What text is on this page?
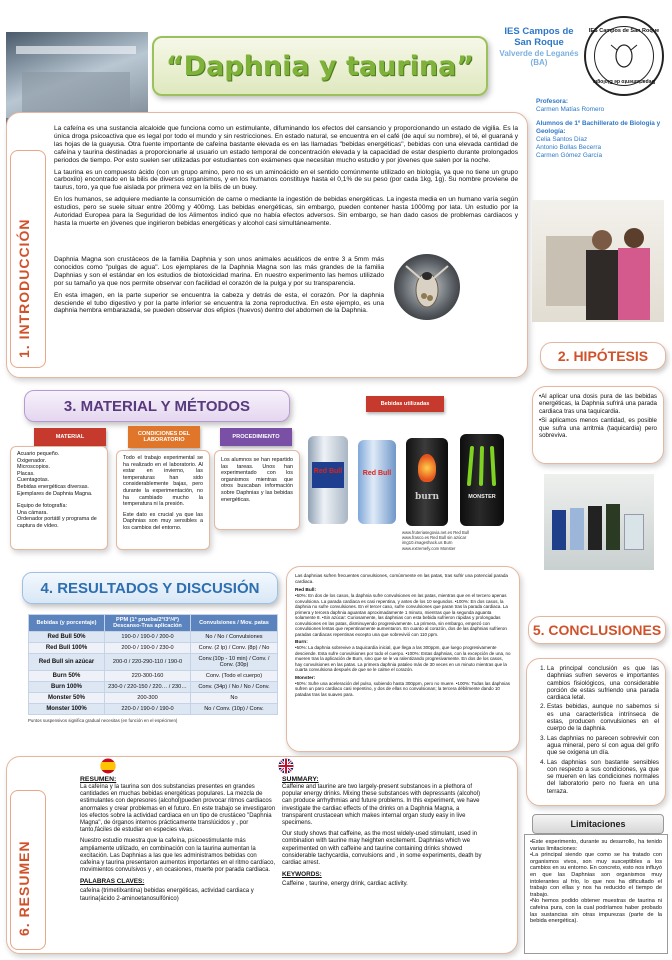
“Daphnia y taurina”
IES Campos de
San Roque
Valverde de Leganés
(BA)
IES Campos de San Roque
Departamento de Biología
Profesora:
Carmen Matías Romero
Alumnos de 1º Bachillerato de Biología y Geología:
Celia Santos Díaz
Antonio Bollas Becerra
Carmen Gómez García
1. INTRODUCCIÓN

La cafeína es una sustancia alcaloide que funciona como un estimulante, difuminando los efectos del cansancio y proporcionando un estado de vigilia. Es la única droga psicoactiva que es legal por todo el mundo y sin restricciones. En estado natural, se encuentra en el café (de aquí su nombre), el té, el guaraná y las hojas de la guayusa. Otra fuente importante de cafeína bastante elevada es en las llamadas "bebidas energéticas", bebidas con una elevada cantidad de cafeína y taurina destinadas a proporcionarle al usuario un estado temporal de concentración elevada y la capacidad de estar despierto durante prolongados periodos de tiempo. Por esto suelen ser utilizadas por estudiantes con exámenes que necesitan mucho estudio y por jóvenes que salen por la noche.

La taurina es un compuesto ácido (con un grupo amino, pero no es un aminoácido en el sentido comúnmente utilizado en biología, ya que no tiene un grupo carboxilo) encontrado en la bilis de diversos organismos, y en los humanos constituye hasta el 0,1% de su peso (por cada 1kg, 1g). Su nombre proviene de taurus, toro, ya que fue aislada por primera vez en la bilis de un buey.

En los humanos, se adquiere mediante la consumición de carne o mediante la ingestión de bebidas energéticas. La ingesta media en un humano varía según estudios, pero se suele situar entre 200mg y 400mg. Las bebidas energéticas, sin embargo, pueden contener hasta 1000mg por lata. Un estudio por la Autoridad Europea para la Seguridad de los Alimentos indicó que no había efectos adversos. Sin embargo, se han dado casos de problemas cardiacos y hasta la muerte en jóvenes que ingirieron bebidas energéticas y alcohol casi simultáneamente.

Daphnia Magna son crustáceos de la familia Daphnia y son unos animales acuáticos de entre 3 a 5mm más conocidos como "pulgas de agua". Los ejemplares de la Daphnia Magna son las más grandes de la familia Daphnias y son el estándar en los estudios de biotoxicidad marina. En nuestro experimento las hemos utilizado por su tamaño ya que nos permite observar con facilidad el corazón de la pulga y por su transparencia.

En esta imagen, en la parte superior se encuentra la cabeza y detrás de esta, el corazón. Por la daphnia desciende el tubo digestivo y por la parte inferior se encuentra la zona reproductiva. En este ejemplo, es una daphnia hembra embarazada, se pueden observar dos efipios (huevos) dentro del abdomen de la Daphnia.

2. HIPÓTESIS
•Al aplicar una dosis pura de las bebidas energéticas, la Daphnia sufrirá una parada cardiaca tras una taquicardia.
•Si aplicamos menos cantidad, es posible que sufra una arritmia (taquicardia) pero sobreviva.
3. MATERIAL Y MÉTODOS
MATERIAL	CONDICIONES DEL LABORATORIO	PROCEDIMIENTO
Acuario pequeño.
Oxigenador.
Microscopios.
Placas.
Cuentagotas.
Bebidas energéticas diversas.
Ejemplares de Daphnia Magna.
Equipo de fotografía:
Una cámara.
Ordenador portátil y programa de captura de vídeo.
Todo el trabajo experimental se ha realizado en el laboratorio. Al estar en invierno, las temperaturas han sido considerablemente bajas, pero durante la experimentación, no ha cambiado mucho la temperatura ni la presión.
Este dato es crucial ya que las Daphnias son muy sensibles a los cambios del entorno.
Los alumnos se han repartido las tareas. Unos han experimentado con los organismos mientras que otros buscaban información sobre Daphnias y las bebidas energéticas.
Bebidas utilizadas
Red Bull	Red Bull
burn	MONSTER
www.fruteriasegovia.net.es Red Bull www.frasco.es Red Bull sin azúcar img10.imageshack.us Burn www.extremefy.com Monster
4. RESULTADOS Y DISCUSIÓN
Bebidas (y porcentaje)	PPM (1ª prueba/2ª/3ª/4ª) Descanso-Tras aplicación	Convulsiones / Mov. patas
Red Bull 50%	190-0 / 190-0 / 200-0	No / No / Convulsiones
Red Bull 100%	200-0 / 190-0 / 230-0	Conv. (2 lp) / Conv. (8p) / No
Red Bull sin azúcar	200-0 / 220-290-110 / 190-0	Conv.(10p - 10 min) / Conv. / Conv. (30p)
Burn 50%	220-300-160	Conv. (Todo el cuerpo)
Burn 100%	230-0 / 220-150 / 220… / 230…	Conv. (34p) / No / No / Conv.
Monster 50%	200-300	No
Monster 100%	220-0 / 190-0 / 190-0	No / Conv. (10p) / Conv.
Puntos suspensivos significa gradual necesitas (en función en el espécimen)
Las daphnias sufren frecuentes convulsiones, comúnmente en las patas, tras sufrir una potencial parada cardiaca.
Red Bull:
•50%: En dos de los casos, la daphnia sufre convulsiones en las patas, mientras que en el tercero apenas convulsiona. La parada cardiaca es casi repentina, y antes de los 10 segundos. •100%: En dos casos, la daphnia no sufre convulsiones. En el tercer caso, sufre convulsiones que paran tras la parada cardiaca. La primera y tercera daphnia aguantan aproximadamente 1 minuto, mientras que la segunda aguanta solamente 8. •Sin azúcar: Curiosamente, las daphnias con esta bebida sufrieron rápidas y prolongadas convulsiones en las patas, disminuyendo progresivamente. La primera, sin embargo, empezó con convulsiones lentas que repentinamente aumentaron. En cuanto al corazón, dos de las daphnias sufrieron paradas cardiacas repentinas excepto una que sobrevivió con 110 ppm.
Burn:
•50%: La daphnia sobrevive a taquicardia inicial, que llega a las 300ppm, que luego progresivamente desciende. Esta sufre convulsiones por todo el cuerpo. •100%: Estas daphnias, con la excepción de una, no mueren tras la aplicación de Burn, sino que se le va ralentizando progresivamente. En dos de los casos, hay convulsiones en las patas. La primera daphnia pataleo más de 30 veces en un minuto mientras que la cuarta convulsiona después de que se le calme el corazón.
Monster:
•50%: Sufre una aceleración del pulso, subiendo hasta 300ppm, pero no muere. •100%: Todas las daphnias sufren un paro cardiaco casi repentino, y dos de ellas no convulsionan; la tercera débilmente dando 10 patadas tras las suaves para.
5. CONCLUSIONES
1. La principal conclusión es que las daphnias sufren severos e importantes cambios fisiológicos, una considerable porción de estas sufriendo una parada cardiaca letal.
2. Estas bebidas, aunque no sabemos si es una característica intrínseca de estas, producen convulsiones en el cuerpo de la daphnia.
3. Las daphnias no parecen sobrevivir con agua mineral, pero sí con agua del grifo que se oxigena un día.
4. Las daphnias son bastante sensibles con respecto a sus condiciones, ya que se mueren en las condiciones normales del laboratorio pero no fuera en una terraza.
6. RESUMEN
RESUMEN:
La cafeína y la taurina son dos substancias presentes en grandes cantidades en muchas bebidas energéticas populares. La mezcla de estimulantes con depresores (alcohol)pueden provocar ritmos cardiacos anormales y crear problemas en el futuro. En este trabajo se investigaron los efectos sobre la actividad cardiaca en un tipo de crustáceo "Daphnia Magna", de órganos internos prácticamente translúcidos y , por tanto,fáciles de estudiar en especies vivas.
Nuestro estudio muestra que la cafeína, psicoestimulante más ampliamente utilizado, en combinación con la taurina aumentan la excitación. Las Daphnias a las que les administramos bebidas con cafeína y taurina presentaron aumentos importantes en el ritmo cardíaco, movimientos convulsivos y , en ocasiones, muerte por parada cardiaca.
PALABRAS CLAVES:
cafeína (trimetilxantina) bebidas energéticas, actividad cardiaca y taurina(ácido 2-aminoetanosulfónico)
SUMMARY:
Caffeine and taurine are two largely-present substances in a plethora of popular energy drinks. Mixing these substances with depressants (alcohol) can produce arrhythmias and future problems. In this experiment, we have investigate the cardiac effects of the drinks on a Daphnia Magna, a transparent crustacean which makes internal organ study easy in live specimens.
Our study shows that caffeine, as the most widely-used stimulant, used in combination with taurine may heighten excitement. Daphnias which we experimented on with caffeine and taurine containing drinks showed considerable tachycardia, convulsions and , in some experiments, death by cardiac arrest.
KEYWORDS:
Caffeine , taurine, energy drink, cardiac activity.
Limitaciones
•Este experimento, durante su desarrollo, ha tenido varias limitaciones:
•La principal siendo que como se ha tratado con organismos vivos, son muy susceptibles a los cambios en su entorno. En concreto, esto nos influyó en que las Daphnias son organismos muy intolerantes al frío, lo que nos ha dificultado el trabajo con ellas y nos ha reducido el tiempo de trabajo.
•No hemos podido obtener muestras de taurina ni cafeína pura, con la cual podríamos haber probado las sustancias sin otras impurezas (parte de la bebida energética).
